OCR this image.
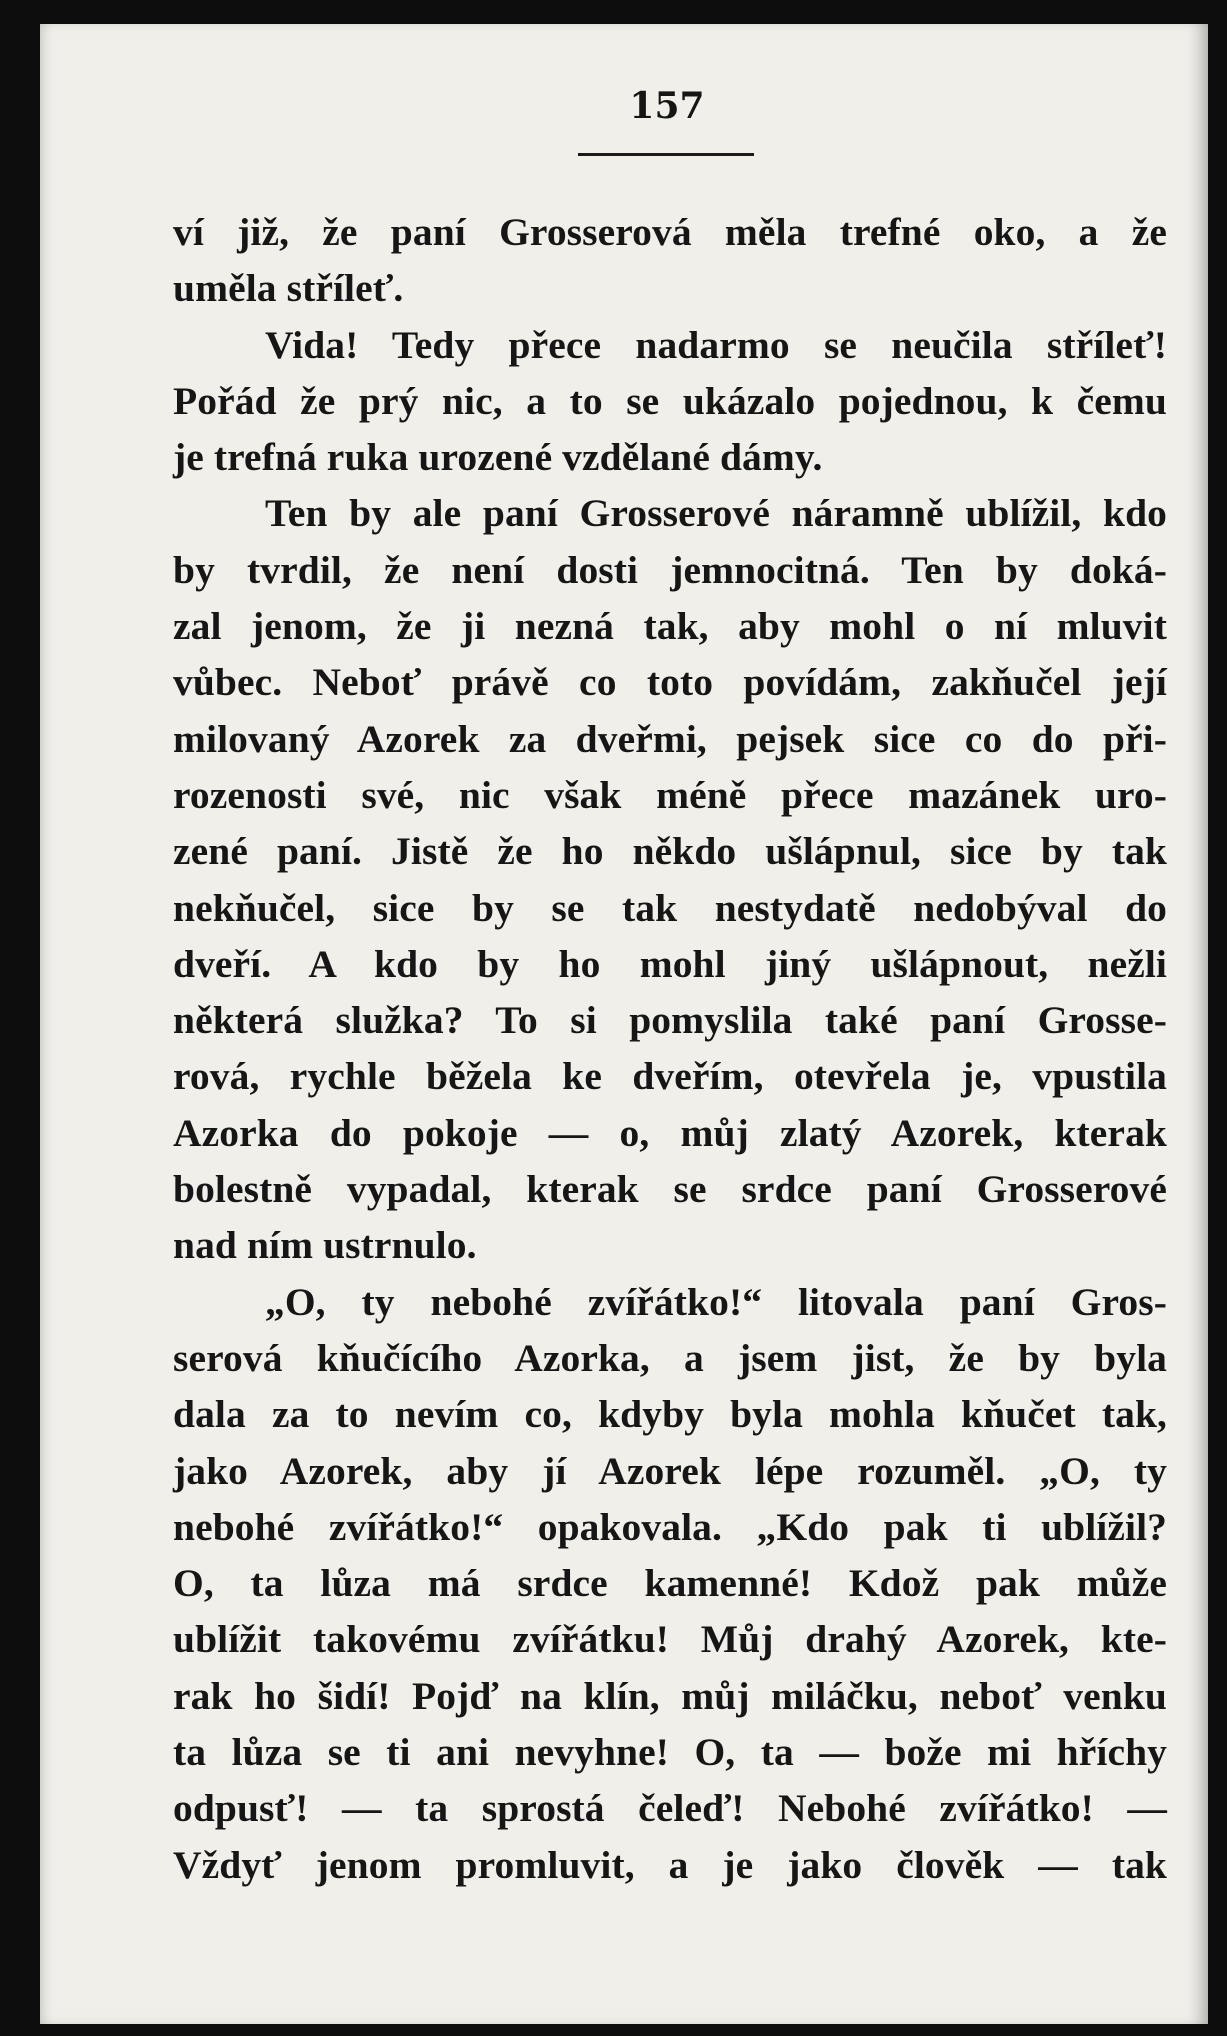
157
ví již, že paní Grosserová měla trefné oko, a že
uměla stříleť.
Vida! Tedy přece nadarmo se neučila stříleť!
Pořád že prý nic, a to se ukázalo pojednou, k čemu
je trefná ruka urozené vzdělané dámy.
Ten by ale paní Grosserové náramně ublížil, kdo
by tvrdil, že není dosti jemnocitná. Ten by doká-
zal jenom, že ji nezná tak, aby mohl o ní mluvit
vůbec. Neboť právě co toto povídám, zakňučel její
milovaný Azorek za dveřmi, pejsek sice co do při-
rozenosti své, nic však méně přece mazánek uro-
zené paní. Jistě že ho někdo ušlápnul, sice by tak
nekňučel, sice by se tak nestydatě nedobýval do
dveří. A kdo by ho mohl jiný ušlápnout, nežli
některá služka? To si pomyslila také paní Grosse-
rová, rychle běžela ke dveřím, otevřela je, vpustila
Azorka do pokoje — o, můj zlatý Azorek, kterak
bolestně vypadal, kterak se srdce paní Grosserové
nad ním ustrnulo.
„O, ty nebohé zvířátko!“ litovala paní Gros-
serová kňučícího Azorka, a jsem jist, že by byla
dala za to nevím co, kdyby byla mohla kňučet tak,
jako Azorek, aby jí Azorek lépe rozuměl. „O, ty
nebohé zvířátko!“ opakovala. „Kdo pak ti ublížil?
O, ta lůza má srdce kamenné! Kdož pak může
ublížit takovému zvířátku! Můj drahý Azorek, kte-
rak ho šidí! Pojď na klín, můj miláčku, neboť venku
ta lůza se ti ani nevyhne! O, ta — bože mi hříchy
odpusť! — ta sprostá čeleď! Nebohé zvířátko! —
Vždyť jenom promluvit, a je jako člověk — tak
